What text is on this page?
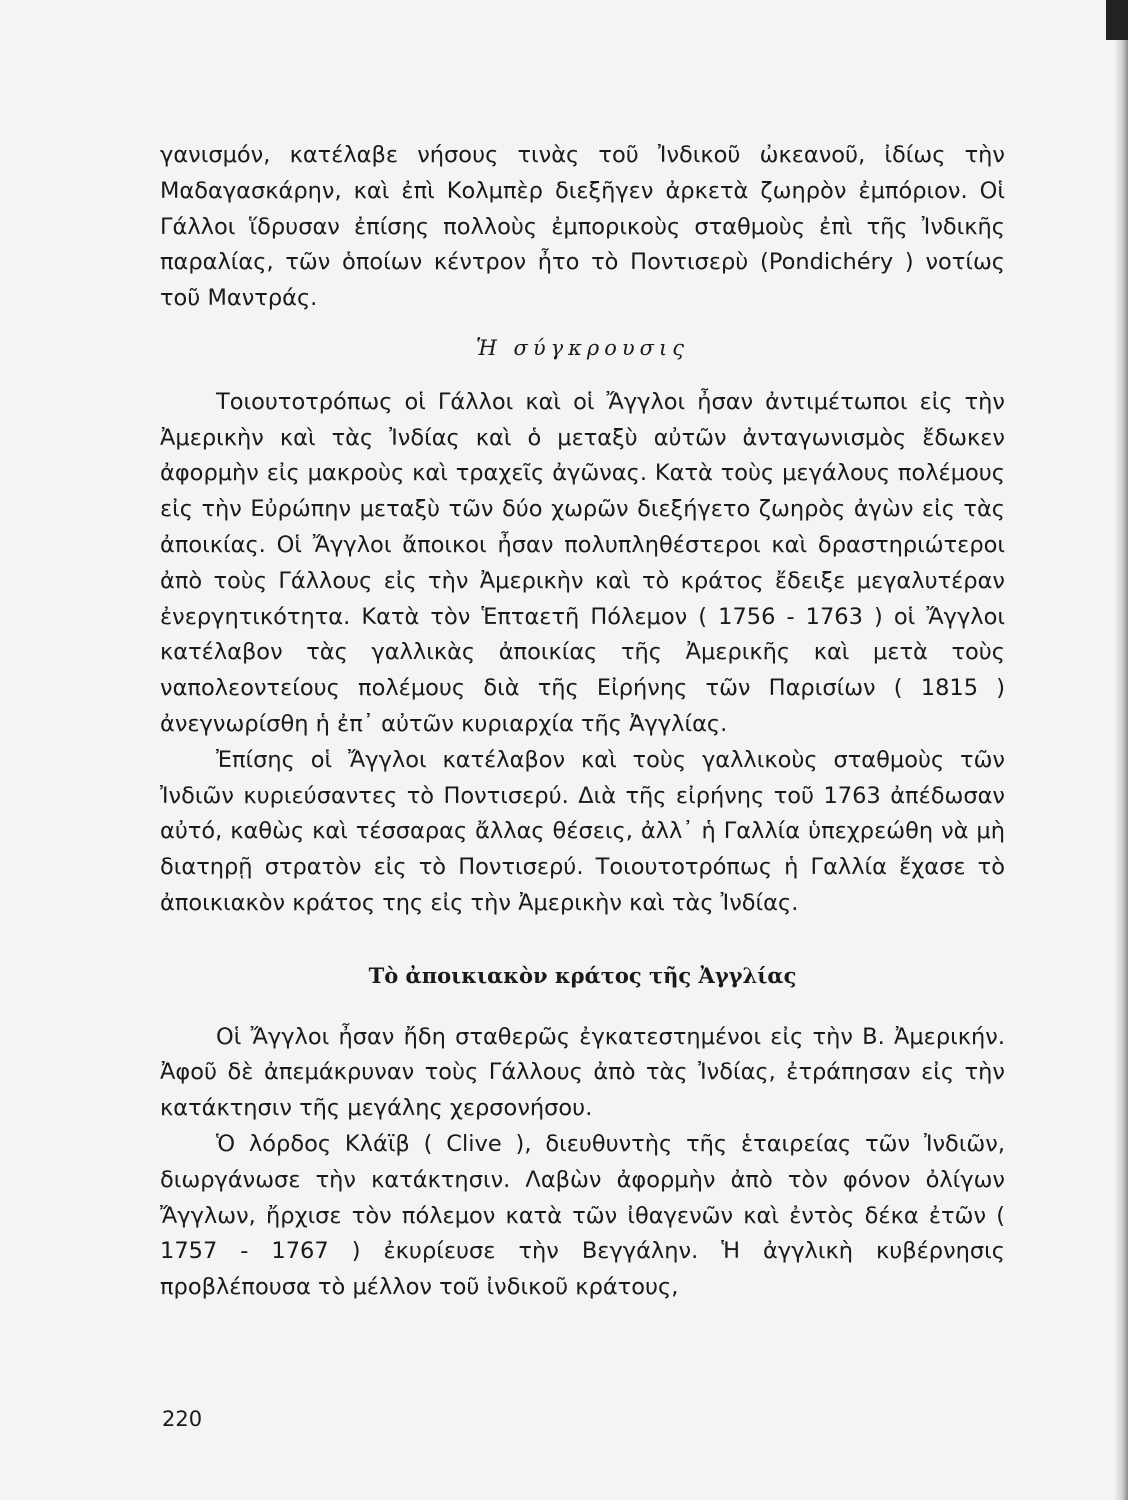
γανισμόν, κατέλαβε νήσους τινὰς τοῦ Ἰνδικοῦ ὠκεανοῦ, ἰδίως τὴν Μαδαγασκάρην, καὶ ἐπὶ Κολμπὲρ διεξῆγεν ἀρκετὰ ζωηρὸν ἐμπόριον. Οἱ Γάλλοι ἵδρυσαν ἐπίσης πολλοὺς ἐμπορικοὺς σταθμοὺς ἐπὶ τῆς Ἰνδικῆς παραλίας, τῶν ὁποίων κέντρον ἦτο τὸ Ποντισερὺ (Pondichéry ) νοτίως τοῦ Μαντράς.

Ἡ σύγκρουσις

Τοιουτοτρόπως οἱ Γάλλοι καὶ οἱ Ἄγγλοι ἦσαν ἀντιμέτωποι εἰς τὴν Ἀμερικὴν καὶ τὰς Ἰνδίας καὶ ὁ μεταξὺ αὐτῶν ἀνταγωνισμὸς ἔδωκεν ἀφορμὴν εἰς μακροὺς καὶ τραχεῖς ἀγῶνας. Κατὰ τοὺς μεγάλους πολέμους εἰς τὴν Εὐρώπην μεταξὺ τῶν δύο χωρῶν διεξήγετο ζωηρὸς ἀγὼν εἰς τὰς ἀποικίας. Οἱ Ἄγγλοι ἄποικοι ἦσαν πολυπληθέστεροι καὶ δραστηριώτεροι ἀπὸ τοὺς Γάλλους εἰς τὴν Ἀμερικὴν καὶ τὸ κράτος ἔδειξε μεγαλυτέραν ἐνεργητικότητα. Κατὰ τὸν Ἑπταετῆ Πόλεμον ( 1756 - 1763 ) οἱ Ἄγγλοι κατέλαβον τὰς γαλλικὰς ἀποικίας τῆς Ἀμερικῆς καὶ μετὰ τοὺς ναπολεοντείους πολέμους διὰ τῆς Εἰρήνης τῶν Παρισίων ( 1815 ) ἀνεγνωρίσθη ἡ ἐπ᾽ αὐτῶν κυριαρχία τῆς Ἀγγλίας.

Ἐπίσης οἱ Ἄγγλοι κατέλαβον καὶ τοὺς γαλλικοὺς σταθμοὺς τῶν Ἰνδιῶν κυριεύσαντες τὸ Ποντισερύ. Διὰ τῆς εἰρήνης τοῦ 1763 ἀπέδωσαν αὐτό, καθὼς καὶ τέσσαρας ἄλλας θέσεις, ἀλλ᾽ ἡ Γαλλία ὑπεχρεώθη νὰ μὴ διατηρῇ στρατὸν εἰς τὸ Ποντισερύ. Τοιουτοτρόπως ἡ Γαλλία ἔχασε τὸ ἀποικιακὸν κράτος της εἰς τὴν Ἀμερικὴν καὶ τὰς Ἰνδίας.

Τὸ ἀποικιακὸν κράτος τῆς Ἀγγλίας

Οἱ Ἄγγλοι ἦσαν ἤδη σταθερῶς ἐγκατεστημένοι εἰς τὴν Β. Ἀμερικήν. Ἀφοῦ δὲ ἀπεμάκρυναν τοὺς Γάλλους ἀπὸ τὰς Ἰνδίας, ἐτράπησαν εἰς τὴν κατάκτησιν τῆς μεγάλης χερσονήσου.

Ὁ λόρδος Κλάϊβ ( Clive ), διευθυντὴς τῆς ἑταιρείας τῶν Ἰνδιῶν, διωργάνωσε τὴν κατάκτησιν. Λαβὼν ἀφορμὴν ἀπὸ τὸν φόνον ὀλίγων Ἄγγλων, ἤρχισε τὸν πόλεμον κατὰ τῶν ἰθαγενῶν καὶ ἐντὸς δέκα ἐτῶν ( 1757 - 1767 ) ἐκυρίευσε τὴν Βεγγάλην. Ἡ ἀγγλικὴ κυβέρνησις προβλέπουσα τὸ μέλλον τοῦ ἰνδικοῦ κράτους,

220
